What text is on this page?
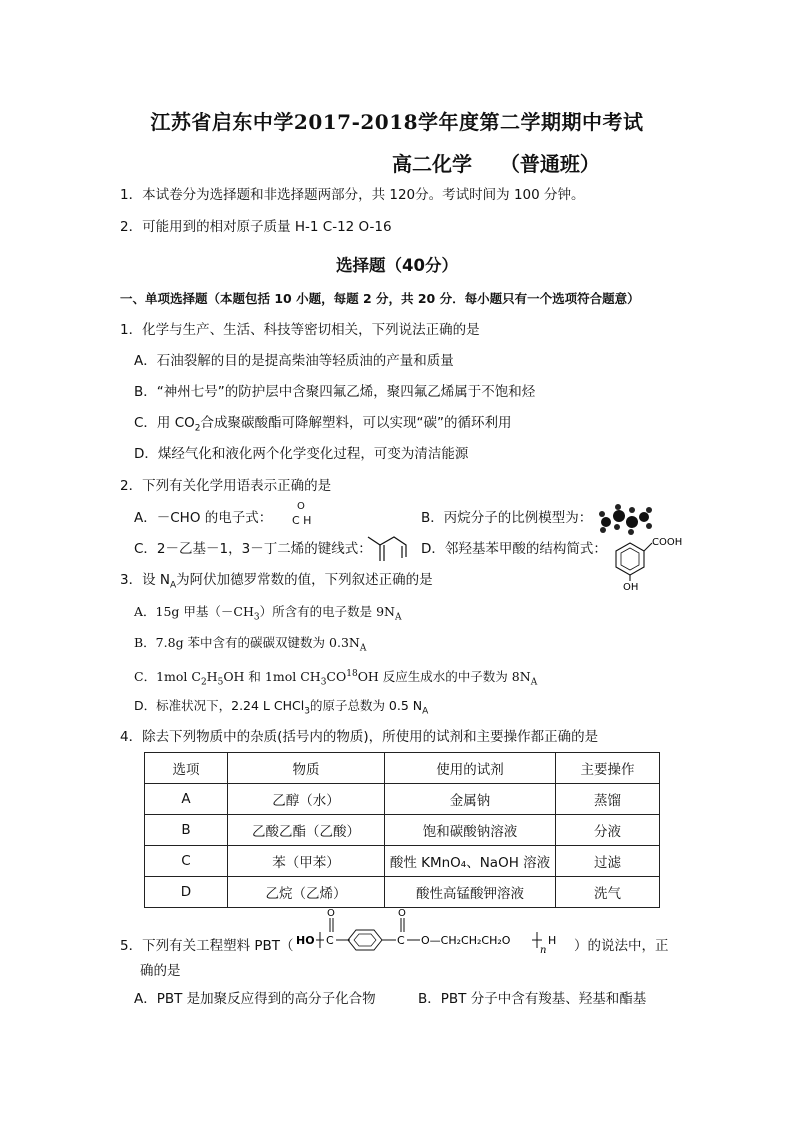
江苏省启东中学2017-2018学年度第二学期期中考试
高二化学    （普通班）
1．本试卷分为选择题和非选择题两部分，共 120分。考试时间为 100 分钟。
2．可能用到的相对原子质量 H-1 C-12 O-16
选择题（40分）
一、单项选择题（本题包括 10 小题，每题 2 分，共 20 分．每小题只有一个选项符合题意）
1．化学与生产、生活、科技等密切相关，下列说法正确的是
A．石油裂解的目的是提高柴油等轻质油的产量和质量
B．“神州七号”的防护层中含聚四氟乙烯，聚四氟乙烯属于不饱和烃
C．用 $CO_2$合成聚碳酸酯可降解塑料，可以实现“碳”的循环利用
D．煤经气化和液化两个化学变化过程，可变为清洁能源
2．下列有关化学用语表示正确的是
A．－CHO 的电子式：
O
C H	B．丙烷分子的比例模型为：
C．2－乙基－1，3－丁二烯的键线式：	D．邻羟基苯甲酸的结构简式：	COOH
OH
3．设 $N_A$为阿伏加德罗常数的值，下列叙述正确的是
A．15g 甲基$(-CH_3)$所含有的电子数是 $9N_A$
B．7.8g 苯中含有的碳碳双键数为 $0.3N_A$
C．1mol $C_2H_5OH$ 和 1mol $CH_3CO^{18}OH$ 反应生成水的中子数为 $8N_A$
D．标准状况下，2.24 L CHCl$_3$的原子总数为 0.5 $N_A$
4．除去下列物质中的杂质(括号内的物质)，所使用的试剂和主要操作都正确的是
选项	物质	使用的试剂	主要操作
A	乙醇（水）	金属钠	蒸馏
B	乙酸乙酯（乙酸）	饱和碳酸钠溶液	分液
C	苯（甲苯）	酸性 KMnO₄、NaOH 溶液	过滤
D	乙烷（乙烯）	酸性高锰酸钾溶液	洗气
5．下列有关工程塑料 PBT（ HO C
O
C
O
O—CH₂CH₂CH₂O
n
H ）的说法中，正
确的是
A．PBT 是加聚反应得到的高分子化合物	B．PBT 分子中含有羧基、羟基和酯基
